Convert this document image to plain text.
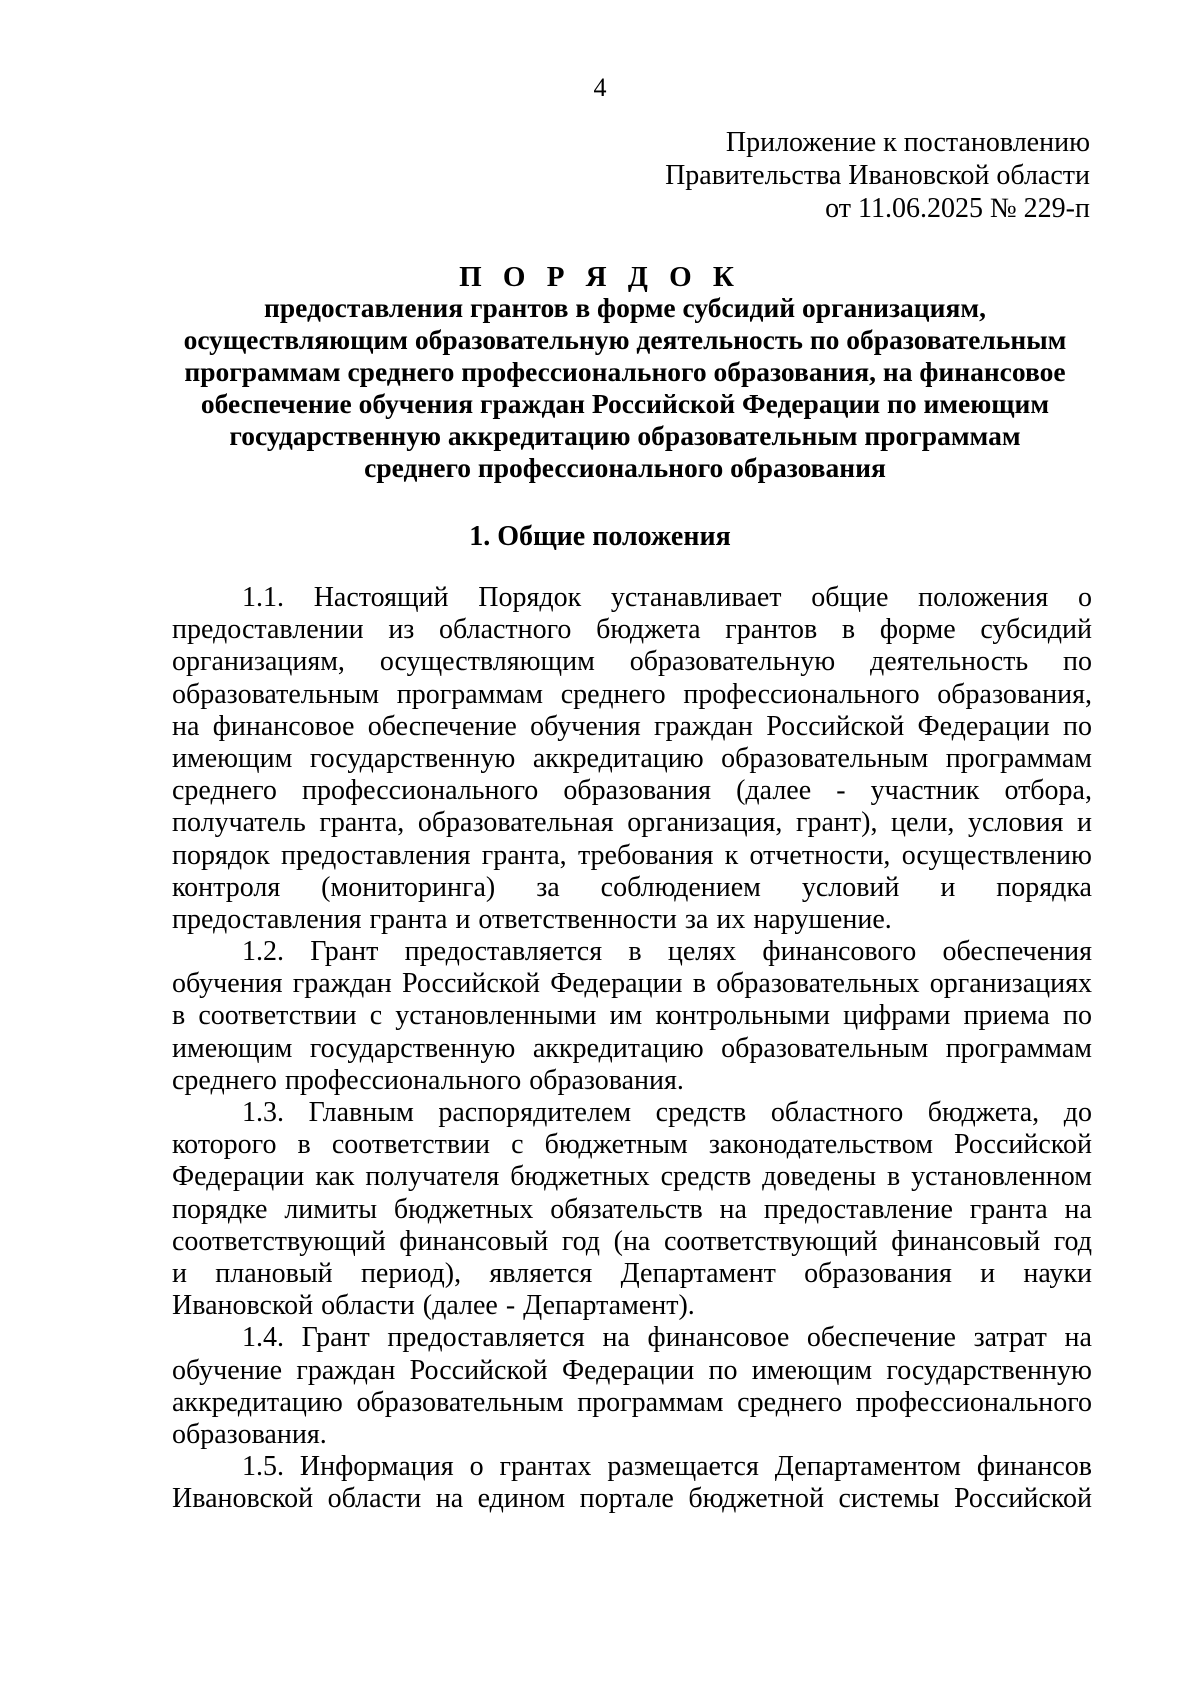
4
Приложение к постановлению
Правительства Ивановской области
от 11.06.2025 № 229-п
П О Р Я Д О К
предоставления грантов в форме субсидий организациям,
осуществляющим образовательную деятельность по образовательным
программам среднего профессионального образования, на финансовое
обеспечение обучения граждан Российской Федерации по имеющим
государственную аккредитацию образовательным программам
среднего профессионального образования
1. Общие положения
1.1. Настоящий Порядок устанавливает общие положения о
предоставлении из областного бюджета грантов в форме субсидий
организациям, осуществляющим образовательную деятельность по
образовательным программам среднего профессионального образования,
на финансовое обеспечение обучения граждан Российской Федерации по
имеющим государственную аккредитацию образовательным программам
среднего профессионального образования (далее - участник отбора,
получатель гранта, образовательная организация, грант), цели, условия и
порядок предоставления гранта, требования к отчетности, осуществлению
контроля (мониторинга) за соблюдением условий и порядка
предоставления гранта и ответственности за их нарушение.
1.2. Грант предоставляется в целях финансового обеспечения
обучения граждан Российской Федерации в образовательных организациях
в соответствии с установленными им контрольными цифрами приема по
имеющим государственную аккредитацию образовательным программам
среднего профессионального образования.
1.3. Главным распорядителем средств областного бюджета, до
которого в соответствии с бюджетным законодательством Российской
Федерации как получателя бюджетных средств доведены в установленном
порядке лимиты бюджетных обязательств на предоставление гранта на
соответствующий финансовый год (на соответствующий финансовый год
и плановый период), является Департамент образования и науки
Ивановской области (далее - Департамент).
1.4. Грант предоставляется на финансовое обеспечение затрат на
обучение граждан Российской Федерации по имеющим государственную
аккредитацию образовательным программам среднего профессионального
образования.
1.5. Информация о грантах размещается Департаментом финансов
Ивановской области на едином портале бюджетной системы Российской
